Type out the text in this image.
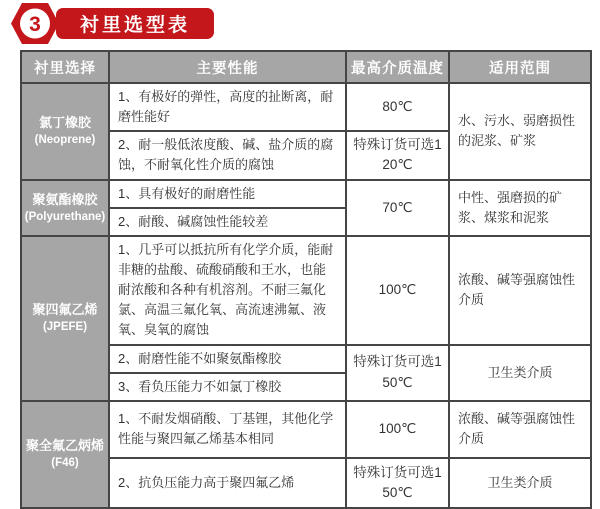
3 衬里选型表
衬里选择	主要性能	最高介质温度	适用范围

氯丁橡胶
(Neoprene)	1、有极好的弹性，高度的扯断离，耐磨性能好	80℃	水、污水、弱磨损性的泥浆、矿浆
	2、耐一般低浓度酸、碱、盐介质的腐蚀，不耐氧化性介质的腐蚀	特殊订货可选120℃	

聚氨酯橡胶
(Polyurethane)	1、具有极好的耐磨性能	70℃	中性、强磨损的矿浆、煤浆和泥浆
	2、耐酸、碱腐蚀性能较差		

聚四氟乙烯
(JPEFE)	1、几乎可以抵抗所有化学介质，能耐非糖的盐酸、硫酸硝酸和王水，也能耐浓酸和各种有机溶剂。不耐三氟化氯、高温三氟化氧、高流速沸氟、液氧、臭氧的腐蚀	100℃	浓酸、碱等强腐蚀性介质
	2、耐磨性能不如聚氨酯橡胶	特殊订货可选150℃	卫生类介质
	3、看负压能力不如氯丁橡胶		

聚全氟乙炳烯
(F46)	1、不耐发烟硝酸、丁基锂，其他化学性能与聚四氟乙烯基本相同	100℃	浓酸、碱等强腐蚀性介质
	2、抗负压能力高于聚四氟乙烯	特殊订货可选150℃	卫生类介质
